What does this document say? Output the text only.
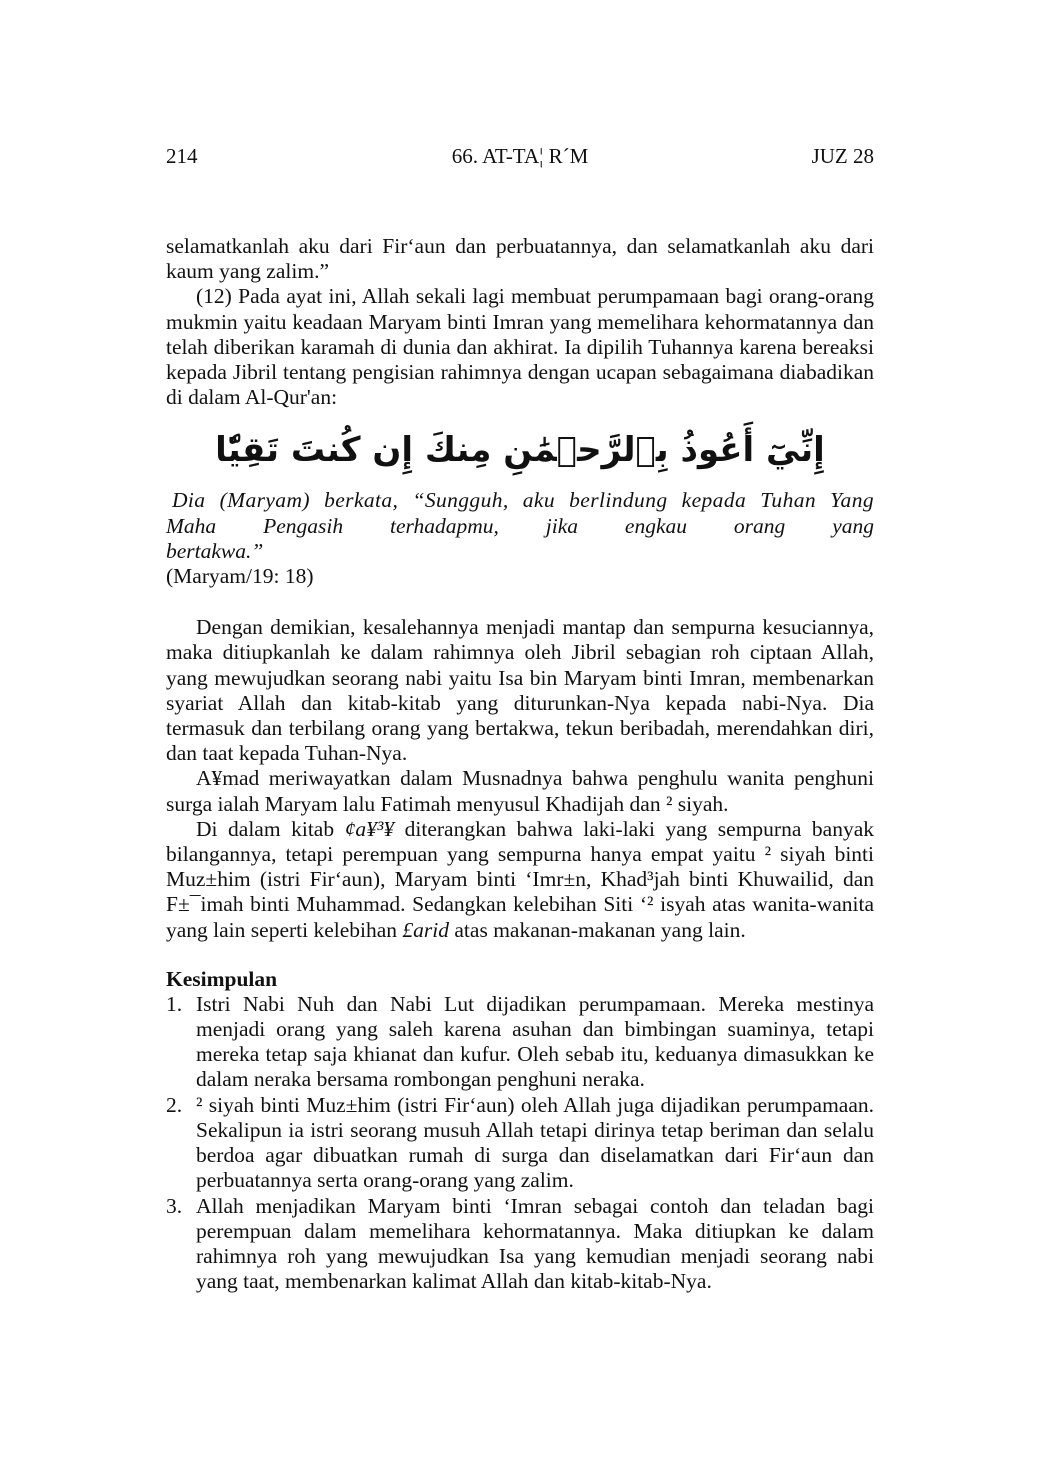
214	66. AT-TA¦ R´M	JUZ 28

selamatkanlah aku dari Fir‘aun dan perbuatannya, dan selamatkanlah aku dari kaum yang zalim.”

(12) Pada ayat ini, Allah sekali lagi membuat perumpamaan bagi orang-orang mukmin yaitu keadaan Maryam binti Imran yang memelihara kehormatannya dan telah diberikan karamah di dunia dan akhirat. Ia dipilih Tuhannya karena bereaksi kepada Jibril tentang pengisian rahimnya dengan ucapan sebagaimana diabadikan di dalam Al-Qur'an:

إِنِّيٓ أَعُوذُ بِٱلرَّحۡمَٰنِ مِنكَ إِن كُنتَ تَقِيّٗا

Dia (Maryam) berkata, “Sungguh, aku berlindung kepada Tuhan Yang

Maha Pengasih terhadapmu, jika engkau orang yang bertakwa.”

(Maryam/19: 18)

Dengan demikian, kesalehannya menjadi mantap dan sempurna kesuciannya, maka ditiupkanlah ke dalam rahimnya oleh Jibril sebagian roh ciptaan Allah, yang mewujudkan seorang nabi yaitu Isa bin Maryam binti Imran, membenarkan syariat Allah dan kitab-kitab yang diturunkan-Nya kepada nabi-Nya. Dia termasuk dan terbilang orang yang bertakwa, tekun beribadah, merendahkan diri, dan taat kepada Tuhan-Nya.

A¥mad meriwayatkan dalam Musnadnya bahwa penghulu wanita penghuni surga ialah Maryam lalu Fatimah menyusul Khadijah dan ² siyah.

Di dalam kitab ¢a¥³¥ diterangkan bahwa laki-laki yang sempurna banyak bilangannya, tetapi perempuan yang sempurna hanya empat yaitu ² siyah binti Muz±him (istri Fir‘aun), Maryam binti ‘Imr±n, Khad³jah binti Khuwailid, dan F±¯imah binti Muhammad. Sedangkan kelebihan Siti ‘² isyah atas wanita-wanita yang lain seperti kelebihan £arid atas makanan-makanan yang lain.

Kesimpulan
1. Istri Nabi Nuh dan Nabi Lut dijadikan perumpamaan. Mereka mestinya menjadi orang yang saleh karena asuhan dan bimbingan suaminya, tetapi mereka tetap saja khianat dan kufur. Oleh sebab itu, keduanya dimasukkan ke dalam neraka bersama rombongan penghuni neraka.
2. ² siyah binti Muz±him (istri Fir‘aun) oleh Allah juga dijadikan perumpamaan. Sekalipun ia istri seorang musuh Allah tetapi dirinya tetap beriman dan selalu berdoa agar dibuatkan rumah di surga dan diselamatkan dari Fir‘aun dan perbuatannya serta orang-orang yang zalim.
3. Allah menjadikan Maryam binti ‘Imran sebagai contoh dan teladan bagi perempuan dalam memelihara kehormatannya. Maka ditiupkan ke dalam rahimnya roh yang mewujudkan Isa yang kemudian menjadi seorang nabi yang taat, membenarkan kalimat Allah dan kitab-kitab-Nya.
